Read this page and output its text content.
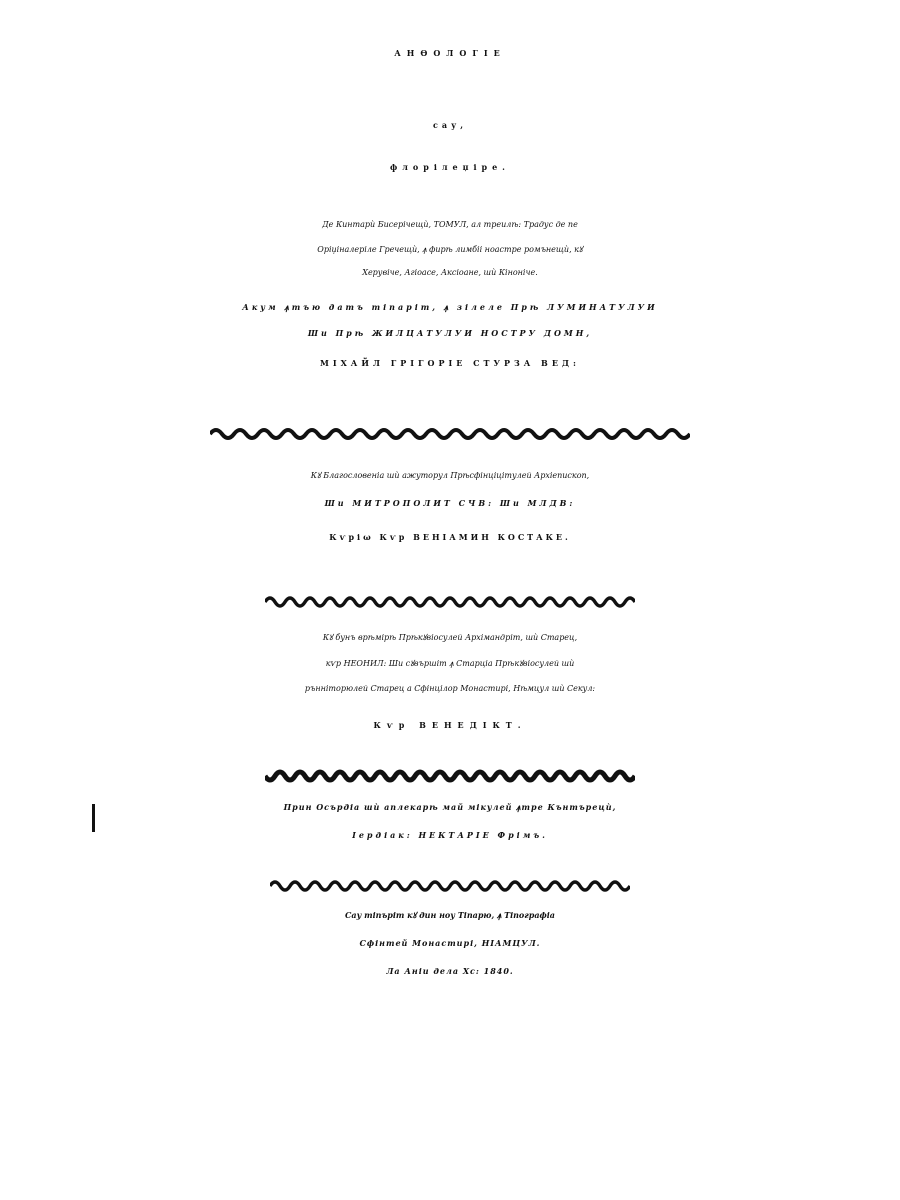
АНѲОЛОГІЕ
сау,
флорілеџіре.
Де Кинтарѝ Бисерічещѝ, ТОМУЛ, ал треилѣ: Традус де пе
Оріџіналеріле Гречещѝ, ꙟ фирѣ лимбіі ноастре ромънещѝ, кꙋ
Херувіче, Агіоасе, Аксіоане, шѝ Кіноніче.
Акум ꙟтъю датъ тіпаріт, ꙟ зілеле Прѣ ЛУМИНАТУЛУИ
Ши Прѣ ЖИЛЦАТУЛУИ НОСТРУ ДОМН,
МІХАЙЛ ГРІГОРІЕ СТУРЗА ВЕД:
Кꙋ Благословеніа шѝ ажуторул Прѣсфінціцітулей Архіепископ,
Ши МИТРОПОЛИТ СЧВ: Ши МЛДВ:
Кѵріω Кѵр ВЕНІАМИН КОСТАКЕ.
Кꙋ бунъ врѣмірѣ Прѣкꙋвіосулей Архімандріт, шѝ Старец,
кѵр НЕОНИЛ: Ши сꙋвършіт ꙟ Старціа Прѣкꙋвіосулей шѝ
рънніторюлей Старец а Сфінцілор Монастирі, Нѣмцул шѝ Секул:
Кѵр ВЕНЕДІКТ.
Прин Осърдіа шѝ аплекарѣ май мікулей ꙟтре Кънтърецѝ,
Іердіак: НЕКТАРІЕ Фрімъ.
Сау тіпъріт кꙋ дин ноу Тіпарю, ꙟ Тіпографіа
Сфінтей Монастирі, НІАМЦУЛ.
Ла Аніи дела Хс: 1840.
